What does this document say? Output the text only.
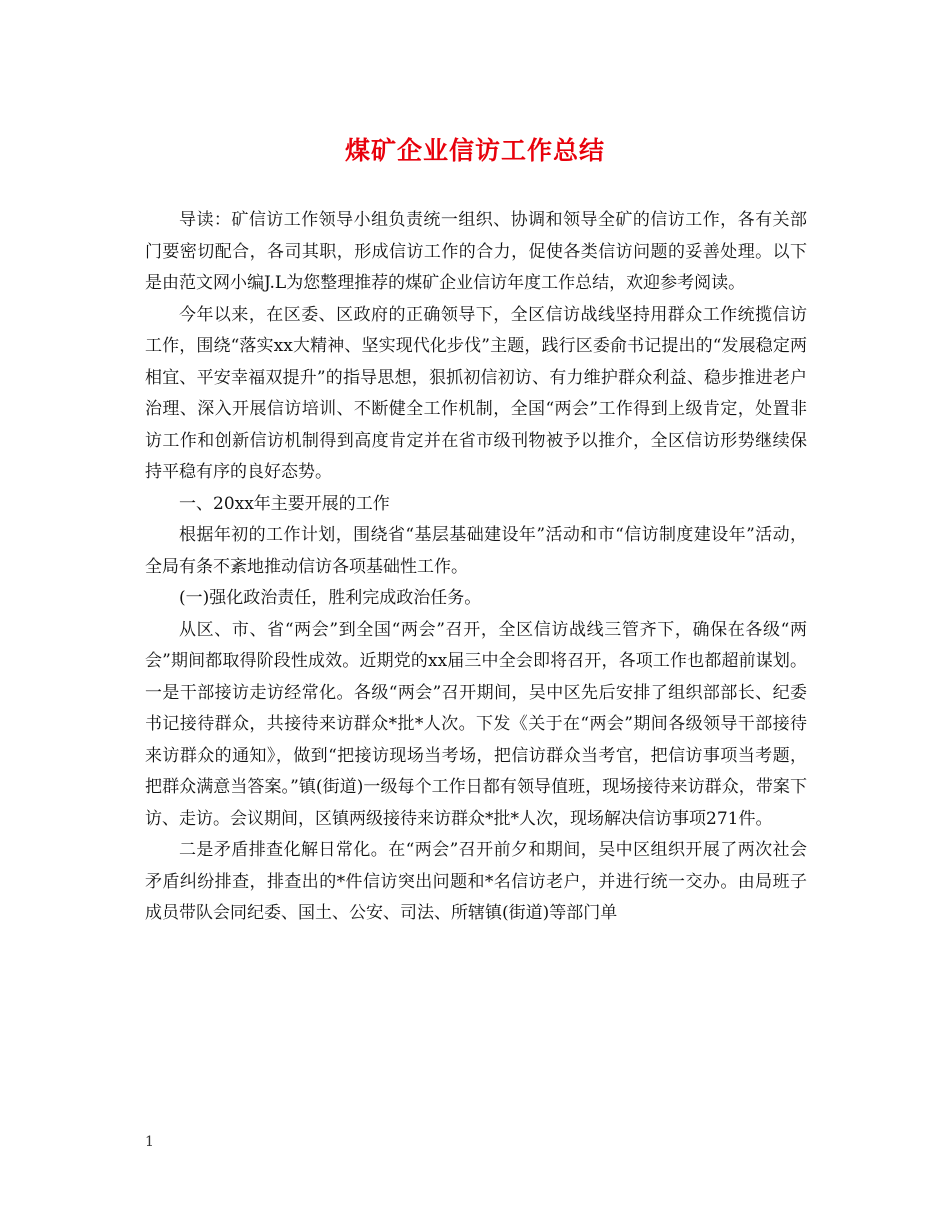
煤矿企业信访工作总结

导读：矿信访工作领导小组负责统一组织、协调和领导全矿的信访工作，各有关部门要密切配合，各司其职，形成信访工作的合力，促使各类信访问题的妥善处理。以下是由范文网小编J.L为您整理推荐的煤矿企业信访年度工作总结，欢迎参考阅读。

今年以来，在区委、区政府的正确领导下，全区信访战线坚持用群众工作统揽信访工作，围绕“落实xx大精神、坚实现代化步伐”主题，践行区委俞书记提出的“发展稳定两相宜、平安幸福双提升”的指导思想，狠抓初信初访、有力维护群众利益、稳步推进老户治理、深入开展信访培训、不断健全工作机制，全国“两会”工作得到上级肯定，处置非访工作和创新信访机制得到高度肯定并在省市级刊物被予以推介，全区信访形势继续保持平稳有序的良好态势。

一、20xx年主要开展的工作

根据年初的工作计划，围绕省“基层基础建设年”活动和市“信访制度建设年”活动，全局有条不紊地推动信访各项基础性工作。

(一)强化政治责任，胜利完成政治任务。

从区、市、省“两会”到全国“两会”召开，全区信访战线三管齐下，确保在各级“两会”期间都取得阶段性成效。近期党的xx届三中全会即将召开，各项工作也都超前谋划。一是干部接访走访经常化。各级“两会”召开期间，吴中区先后安排了组织部部长、纪委书记接待群众，共接待来访群众*批*人次。下发《关于在“两会”期间各级领导干部接待来访群众的通知》，做到“把接访现场当考场，把信访群众当考官，把信访事项当考题，把群众满意当答案。”镇(街道)一级每个工作日都有领导值班，现场接待来访群众，带案下访、走访。会议期间，区镇两级接待来访群众*批*人次，现场解决信访事项271件。

二是矛盾排查化解日常化。在“两会”召开前夕和期间，吴中区组织开展了两次社会矛盾纠纷排查，排查出的*件信访突出问题和*名信访老户，并进行统一交办。由局班子成员带队会同纪委、国土、公安、司法、所辖镇(街道)等部门单

1
